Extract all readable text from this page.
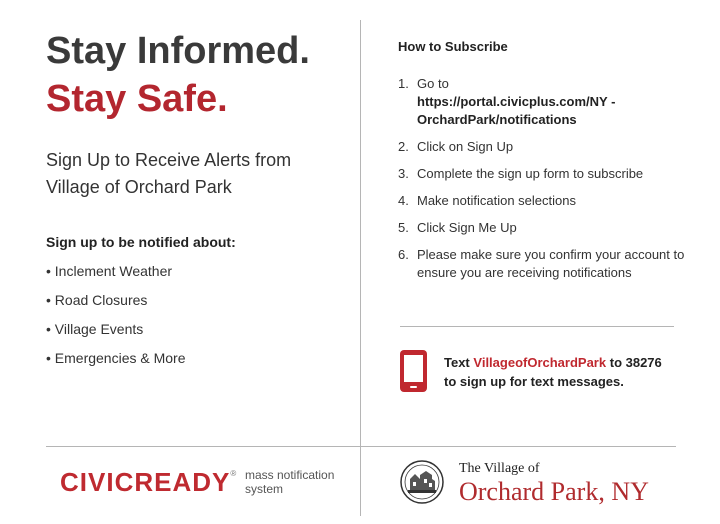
Stay Informed.
Stay Safe.
Sign Up to Receive Alerts from Village of Orchard Park
Sign up to be notified about:
• Inclement Weather
• Road Closures
• Village Events
• Emergencies & More
How to Subscribe
1. Go to
https://portal.civicplus.com/NY -OrchardPark/notifications
2. Click on Sign Up
3. Complete the sign up form to subscribe
4. Make notification selections
5. Click Sign Me Up
6. Please make sure you confirm your account to ensure you are receiving notifications
Text VillageofOrchardPark to 38276 to sign up for text messages.
CIVICREADY® mass notification system
The Village of
Orchard Park, NY
